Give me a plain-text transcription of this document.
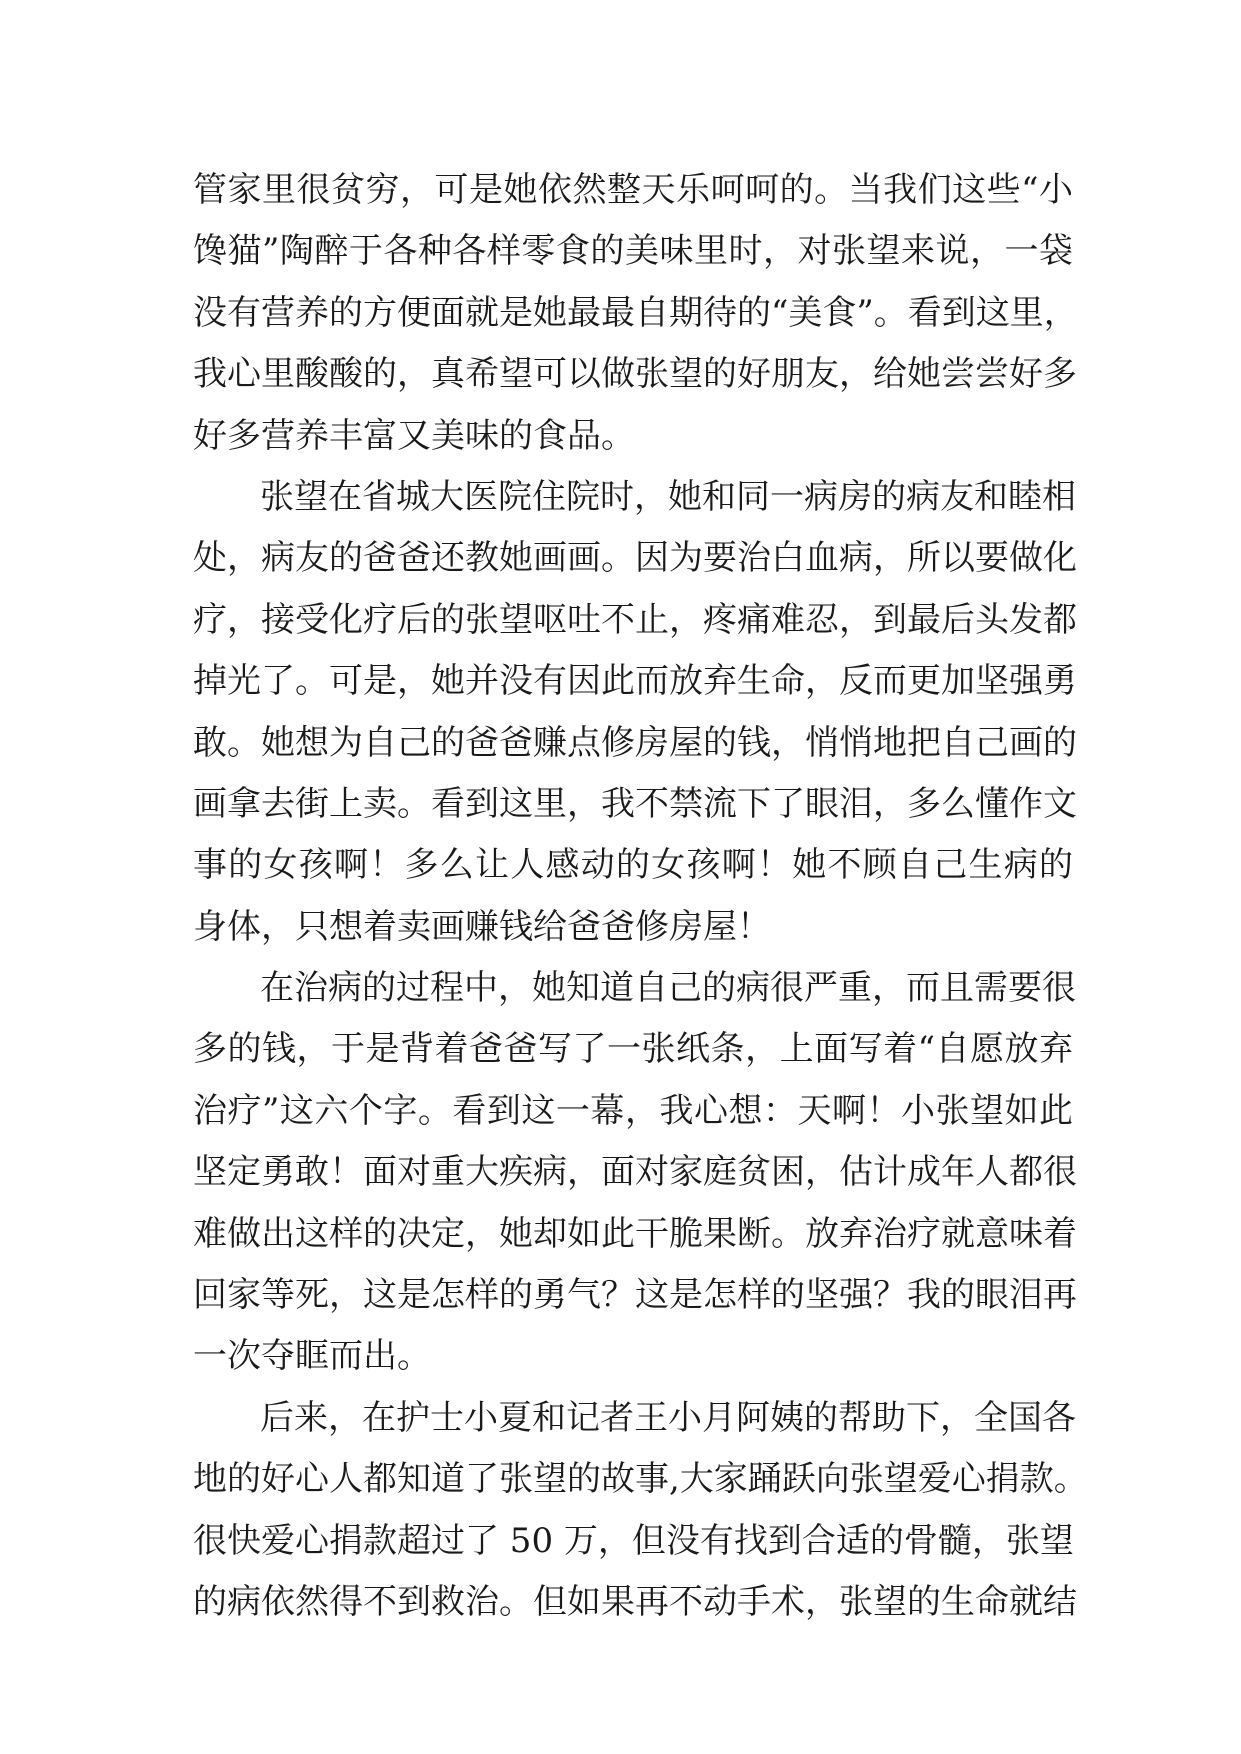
管家里很贫穷，可是她依然整天乐呵呵的。当我们这些“小
馋猫”陶醉于各种各样零食的美味里时，对张望来说，一袋
没有营养的方便面就是她最最自期待的“美食”。看到这里，
我心里酸酸的，真希望可以做张望的好朋友，给她尝尝好多
好多营养丰富又美味的食品。
张望在省城大医院住院时，她和同一病房的病友和睦相
处，病友的爸爸还教她画画。因为要治白血病，所以要做化
疗，接受化疗后的张望呕吐不止，疼痛难忍，到最后头发都
掉光了。可是，她并没有因此而放弃生命，反而更加坚强勇
敢。她想为自己的爸爸赚点修房屋的钱，悄悄地把自己画的
画拿去街上卖。看到这里，我不禁流下了眼泪，多么懂作文
事的女孩啊！多么让人感动的女孩啊！她不顾自己生病的
身体，只想着卖画赚钱给爸爸修房屋！
在治病的过程中，她知道自己的病很严重，而且需要很
多的钱，于是背着爸爸写了一张纸条，上面写着“自愿放弃
治疗”这六个字。看到这一幕，我心想：天啊！小张望如此
坚定勇敢！面对重大疾病，面对家庭贫困，估计成年人都很
难做出这样的决定，她却如此干脆果断。放弃治疗就意味着
回家等死，这是怎样的勇气？这是怎样的坚强？我的眼泪再
一次夺眶而出。
后来，在护士小夏和记者王小月阿姨的帮助下，全国各
地的好心人都知道了张望的故事,大家踊跃向张望爱心捐款。
很快爱心捐款超过了 50 万，但没有找到合适的骨髓，张望
的病依然得不到救治。但如果再不动手术，张望的生命就结
